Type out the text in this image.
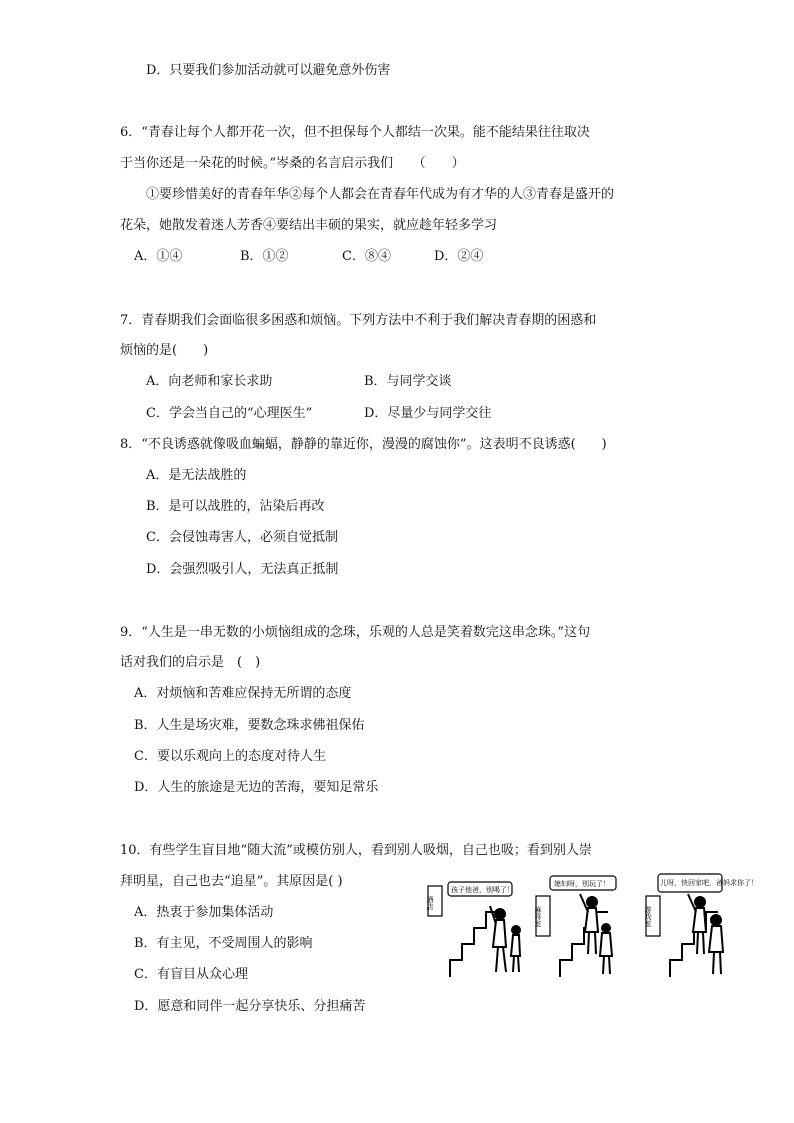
D．只要我们参加活动就可以避免意外伤害
6．“青春让每个人都开花一次，但不担保每个人都结一次果。能不能结果往往取决
于当你还是一朵花的时候。”岑桑的名言启示我们　　（　　）
①要珍惜美好的青春年华②每个人都会在青春年代成为有才华的人③青春是盛开的
花朵，她散发着迷人芳香④要结出丰硕的果实，就应趁年轻多学习
A．①④	B．①②	C．⑧④	D．②④
7．青春期我们会面临很多困惑和烦恼。下列方法中不利于我们解决青春期的困惑和
烦恼的是(　　)
A．向老师和家长求助	B．与同学交谈
C．学会当自己的“心理医生”	D．尽量少与同学交往
8．“不良诱惑就像吸血蝙蝠，静静的靠近你，漫漫的腐蚀你”。这表明不良诱惑(　　)
A．是无法战胜的
B．是可以战胜的，沾染后再改
C．会侵蚀毒害人，必须自觉抵制
D．会强烈吸引人，无法真正抵制
9．“人生是一串无数的小烦恼组成的念珠，乐观的人总是笑着数完这串念珠。”这句
话对我们的启示是　(　)
A．对烦恼和苦难应保持无所谓的态度
B．人生是场灾难，要数念珠求佛祖保佑
C．要以乐观向上的态度对待人生
D．人生的旅途是无边的苦海，要知足常乐
10．有些学生盲目地“随大流”或模仿别人，看到别人吸烟，自己也吸；看到别人崇
拜明星，自己也去“追星”。其原因是( )
A．热衷于参加集体活动
B．有主见，不受周围人的影响
C．有盲目从众心理
D．愿意和同伴一起分享快乐、分担痛苦
酒店
孩子他爸，别喝了！
麻将室
媳妇呀，别玩了！
游戏室
儿呀，快回家吧，爸妈求你了！
